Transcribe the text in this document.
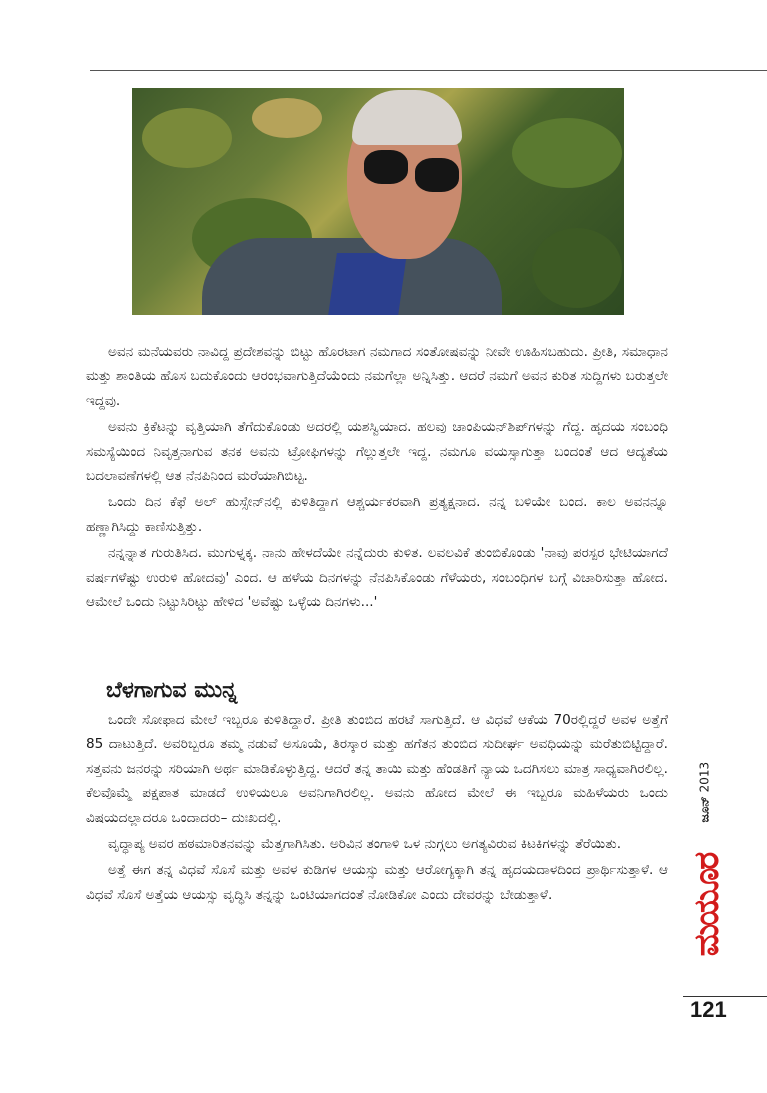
ಅವನ ಮನೆಯವರು ನಾವಿದ್ದ ಪ್ರದೇಶವನ್ನು ಬಿಟ್ಟು ಹೊರಟಾಗ ನಮಗಾದ ಸಂತೋಷವನ್ನು ನೀವೇ ಊಹಿಸಬಹುದು. ಪ್ರೀತಿ, ಸಮಾಧಾನ ಮತ್ತು ಶಾಂತಿಯ ಹೊಸ ಬದುಕೊಂದು ಆರಂಭವಾಗುತ್ತಿದೆಯೆಂದು ನಮಗೆಲ್ಲಾ ಅನ್ನಿಸಿತ್ತು. ಆದರೆ ನಮಗೆ ಅವನ ಕುರಿತ ಸುದ್ದಿಗಳು ಬರುತ್ತಲೇ ಇದ್ದವು.

ಅವನು ಕ್ರಿಕೆಟನ್ನು ವೃತ್ತಿಯಾಗಿ ತೆಗೆದುಕೊಂಡು ಅದರಲ್ಲಿ ಯಶಸ್ವಿಯಾದ. ಹಲವು ಚಾಂಪಿಯನ್‌ಶಿಪ್‌ಗಳನ್ನು ಗೆದ್ದ. ಹೃದಯ ಸಂಬಂಧಿ ಸಮಸ್ಯೆಯಿಂದ ನಿವೃತ್ತನಾಗುವ ತನಕ ಅವನು ಟ್ರೋಫಿಗಳನ್ನು ಗೆಲ್ಲುತ್ತಲೇ ಇದ್ದ. ನಮಗೂ ವಯಸ್ಸಾಗುತ್ತಾ ಬಂದಂತೆ ಆದ ಆದ್ಯತೆಯ ಬದಲಾವಣೆಗಳಲ್ಲಿ ಆತ ನೆನಪಿನಿಂದ ಮರೆಯಾಗಿಬಿಟ್ಟ.

ಒಂದು ದಿನ ಕೆಫೆ ಅಲ್ ಹುಸ್ಸೇನ್‌ನಲ್ಲಿ ಕುಳಿತಿದ್ದಾಗ ಆಶ್ಚರ್ಯಕರವಾಗಿ ಪ್ರತ್ಯಕ್ಷನಾದ. ನನ್ನ ಬಳಿಯೇ ಬಂದ. ಕಾಲ ಅವನನ್ನೂ ಹಣ್ಣಾಗಿಸಿದ್ದು ಕಾಣಿಸುತ್ತಿತ್ತು.

ನನ್ನನ್ನಾತ ಗುರುತಿಸಿದ. ಮುಗುಳ್ನಕ್ಕ. ನಾನು ಹೇಳದೆಯೇ ನನ್ನೆದುರು ಕುಳಿತ. ಲವಲವಿಕೆ ತುಂಬಿಕೊಂಡು 'ನಾವು ಪರಸ್ಪರ ಭೇಟಿಯಾಗದೆ ವರ್ಷಗಳೆಷ್ಟು ಉರುಳಿ ಹೋದವು' ಎಂದ. ಆ ಹಳೆಯ ದಿನಗಳನ್ನು ನೆನಪಿಸಿಕೊಂಡು ಗೆಳೆಯರು, ಸಂಬಂಧಿಗಳ ಬಗ್ಗೆ ವಿಚಾರಿಸುತ್ತಾ ಹೋದ. ಆಮೇಲೆ ಒಂದು ನಿಟ್ಟುಸಿರಿಟ್ಟು ಹೇಳಿದ 'ಅವೆಷ್ಟು ಒಳ್ಳೆಯ ದಿನಗಳು...'

ಬೆಳಗಾಗುವ ಮುನ್ನ

ಒಂದೇ ಸೋಫಾದ ಮೇಲೆ ಇಬ್ಬರೂ ಕುಳಿತಿದ್ದಾರೆ. ಪ್ರೀತಿ ತುಂಬಿದ ಹರಟೆ ಸಾಗುತ್ತಿದೆ. ಆ ವಿಧವೆ ಆಕೆಯ 70ರಲ್ಲಿದ್ದರೆ ಅವಳ ಅತ್ತೆಗೆ 85 ದಾಟುತ್ತಿದೆ. ಅವರಿಬ್ಬರೂ ತಮ್ಮ ನಡುವೆ ಅಸೂಯೆ, ತಿರಸ್ಕಾರ ಮತ್ತು ಹಗೆತನ ತುಂಬಿದ ಸುದೀರ್ಘ ಅವಧಿಯನ್ನು ಮರೆತುಬಿಟ್ಟಿದ್ದಾರೆ. ಸತ್ತವನು ಜನರನ್ನು ಸರಿಯಾಗಿ ಅರ್ಥ ಮಾಡಿಕೊಳ್ಳುತ್ತಿದ್ದ. ಆದರೆ ತನ್ನ ತಾಯಿ ಮತ್ತು ಹೆಂಡತಿಗೆ ನ್ಯಾಯ ಒದಗಿಸಲು ಮಾತ್ರ ಸಾಧ್ಯವಾಗಿರಲಿಲ್ಲ. ಕೆಲವೊಮ್ಮೆ ಪಕ್ಷಪಾತ ಮಾಡದೆ ಉಳಿಯಲೂ ಅವನಿಗಾಗಿರಲಿಲ್ಲ. ಅವನು ಹೋದ ಮೇಲೆ ಈ ಇಬ್ಬರೂ ಮಹಿಳೆಯರು ಒಂದು ವಿಷಯದಲ್ಲಾದರೂ ಒಂದಾದರು– ದುಃಖದಲ್ಲಿ.

ವೃದ್ಧಾಪ್ಯ ಅವರ ಹಠಮಾರಿತನವನ್ನು ಮೆತ್ತಗಾಗಿಸಿತು. ಅರಿವಿನ ತಂಗಾಳಿ ಒಳ ನುಗ್ಗಲು ಅಗತ್ಯವಿರುವ ಕಿಟಕಿಗಳನ್ನು ತೆರೆಯಿತು.

ಅತ್ತೆ ಈಗ ತನ್ನ ವಿಧವೆ ಸೊಸೆ ಮತ್ತು ಅವಳ ಕುಡಿಗಳ ಆಯಸ್ಸು ಮತ್ತು ಆರೋಗ್ಯಕ್ಕಾಗಿ ತನ್ನ ಹೃದಯದಾಳದಿಂದ ಪ್ರಾರ್ಥಿಸುತ್ತಾಳೆ. ಆ ವಿಧವೆ ಸೊಸೆ ಅತ್ತೆಯ ಆಯಸ್ಸು ವೃದ್ಧಿಸಿ ತನ್ನನ್ನು ಒಂಟಿಯಾಗದಂತೆ ನೋಡಿಕೋ ಎಂದು ದೇವರನ್ನು ಬೇಡುತ್ತಾಳೆ.

ಜೂನ್ 2013
ಮಯೂರ
121
